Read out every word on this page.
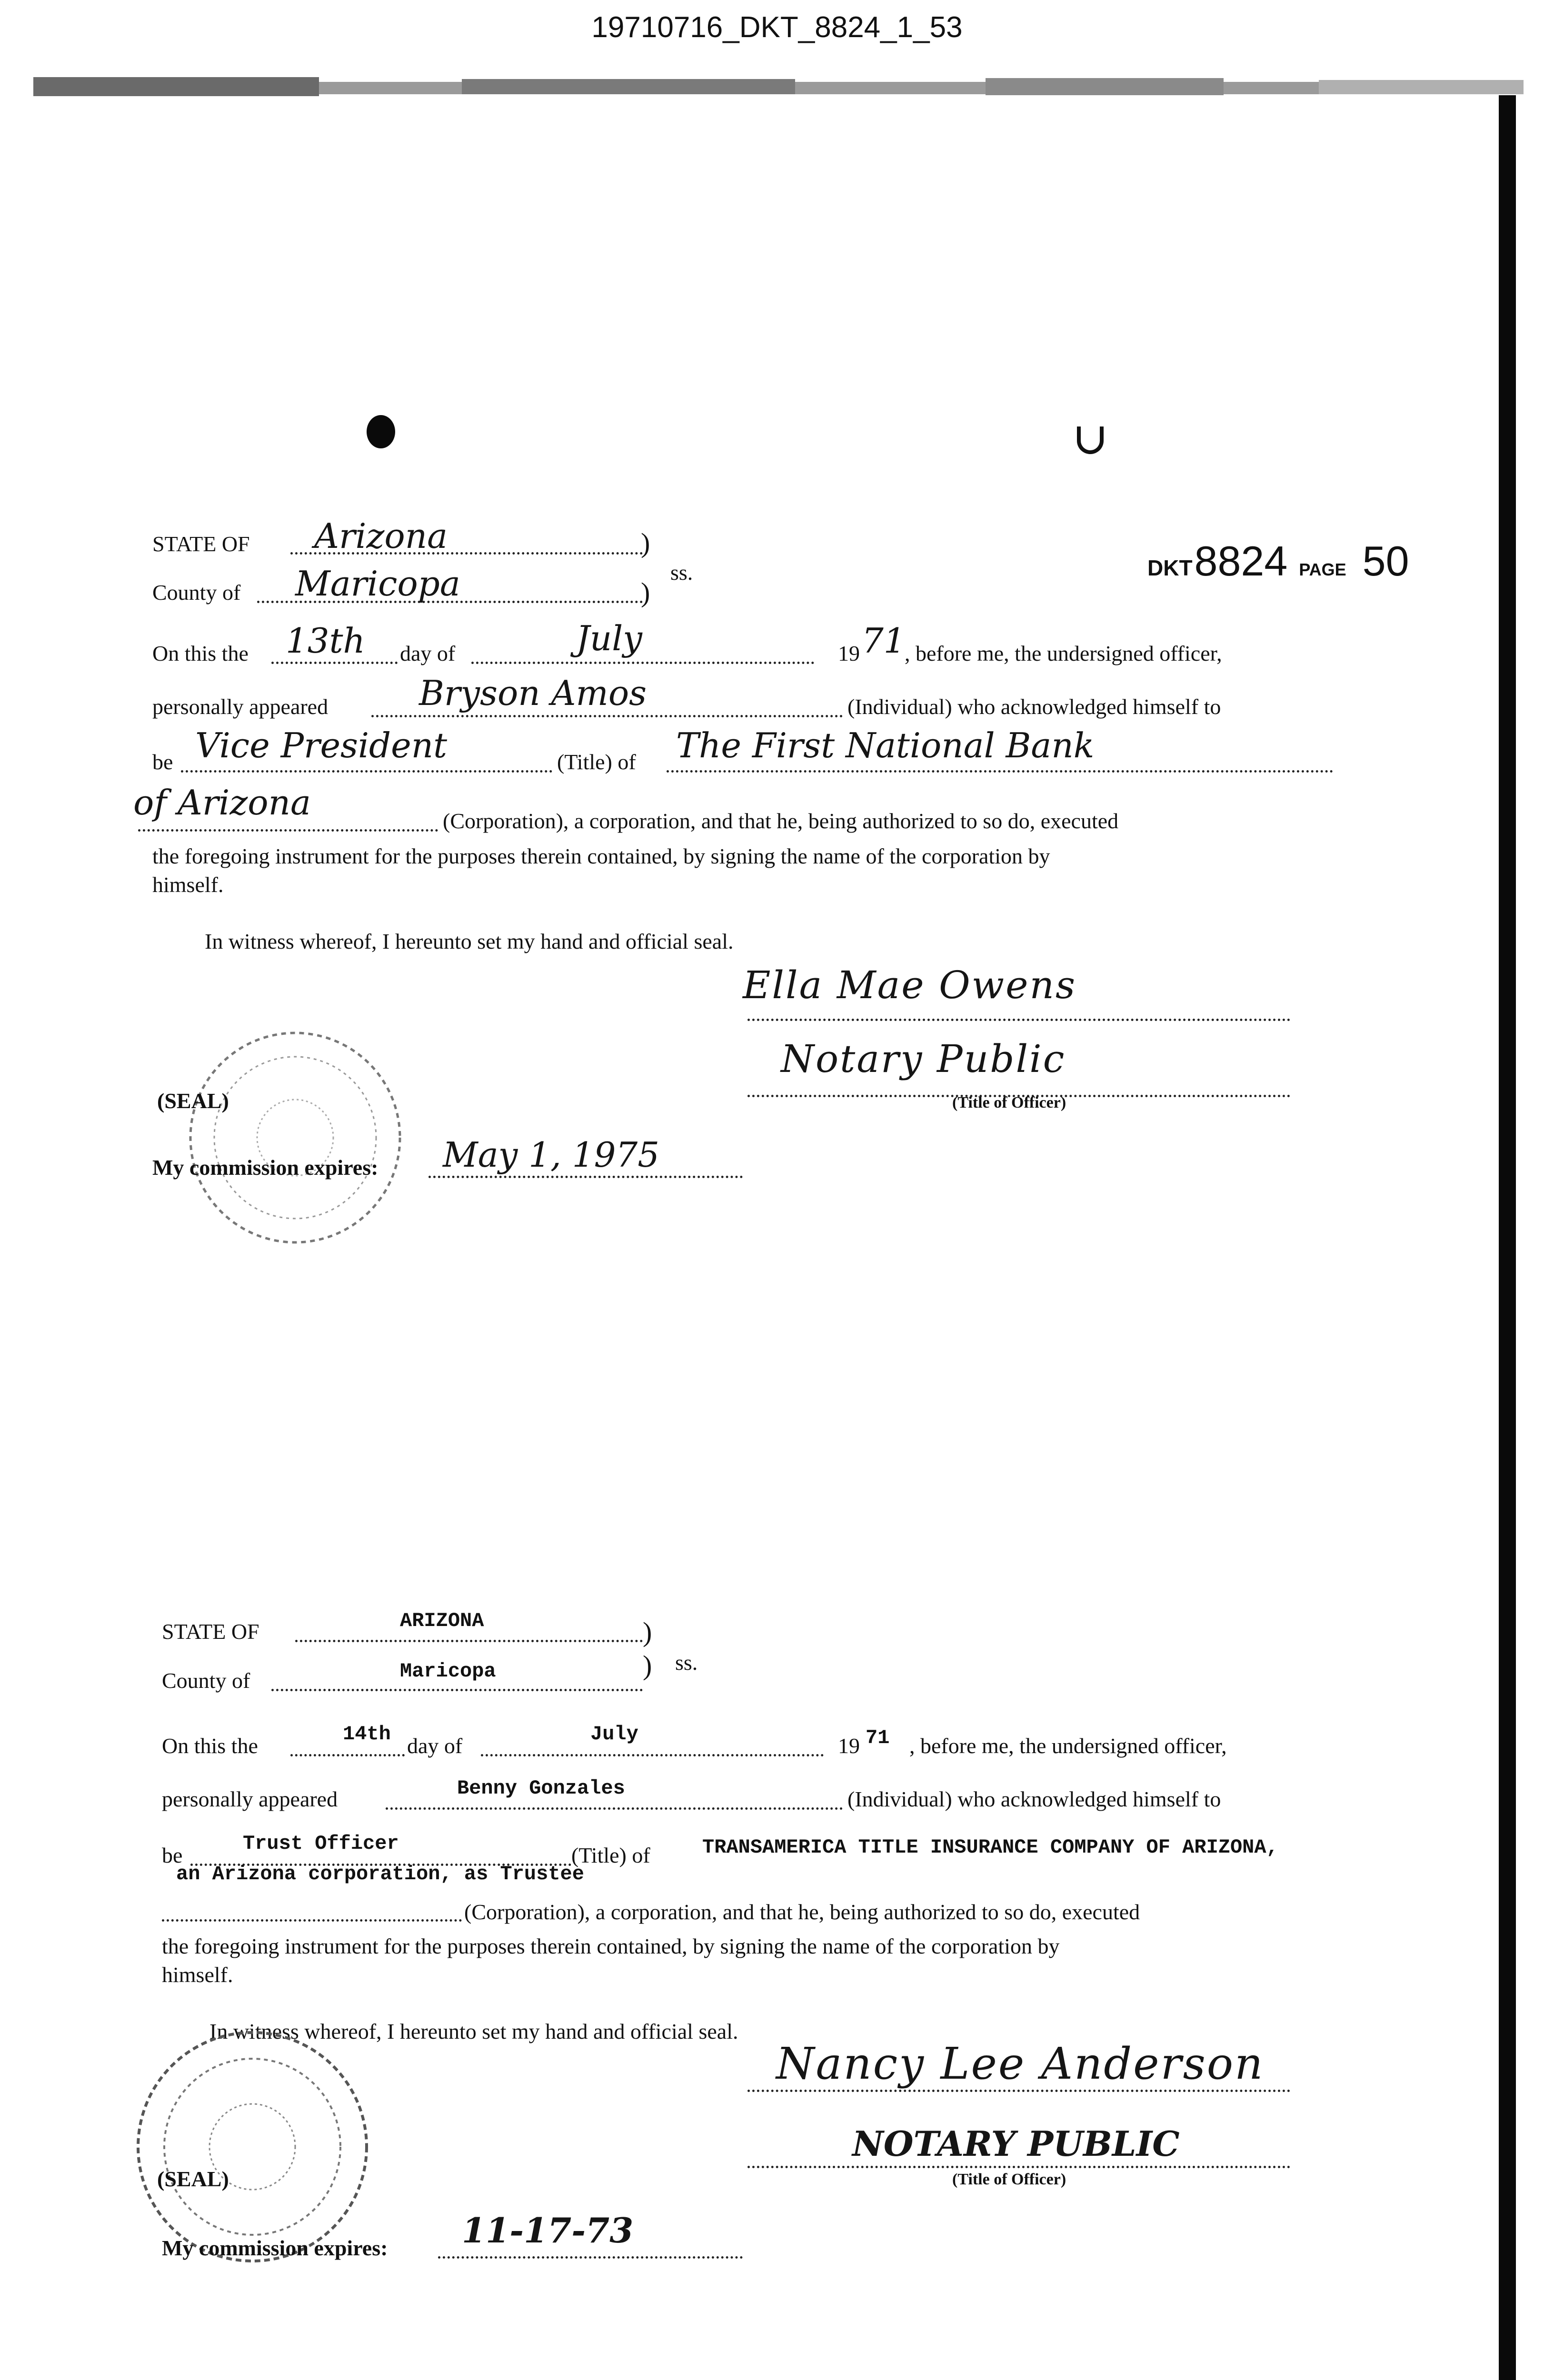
19710716_DKT_8824_1_53
DKT 8824 PAGE 50
STATE OF Arizona	)
County of Maricopa	)
ss.
On this the 13th day of	July	19 71
, before me, the undersigned officer,
personally appeared	Bryson Amos	(Individual) who acknowledged himself to
be Vice President	(Title) of The First National Bank
of Arizona	(Corporation), a corporation, and that he, being authorized to so do, executed
the foregoing instrument for the purposes therein contained, by signing the name of the corporation by
himself.
In witness whereof, I hereunto set my hand and official seal.
Ella Mae Owens
Notary Public
(Title of Officer)
(SEAL)
My commission expires: May 1, 1975
STATE OF	ARIZONA	)
County of	Maricopa	) ss.
On this the	14th day of	July	19 71 , before me, the undersigned officer,
personally appeared	Benny Gonzales	(Individual) who acknowledged himself to
be	Trust Officer	(Title) of	TRANSAMERICA TITLE INSURANCE COMPANY OF ARIZONA,
an Arizona corporation, as Trustee
(Corporation), a corporation, and that he, being authorized to so do, executed
the foregoing instrument for the purposes therein contained, by signing the name of the corporation by
himself.
In witness whereof, I hereunto set my hand and official seal.
Nancy Lee Anderson
NOTARY PUBLIC
(Title of Officer)
(SEAL)
My commission expires: 11-17-73
